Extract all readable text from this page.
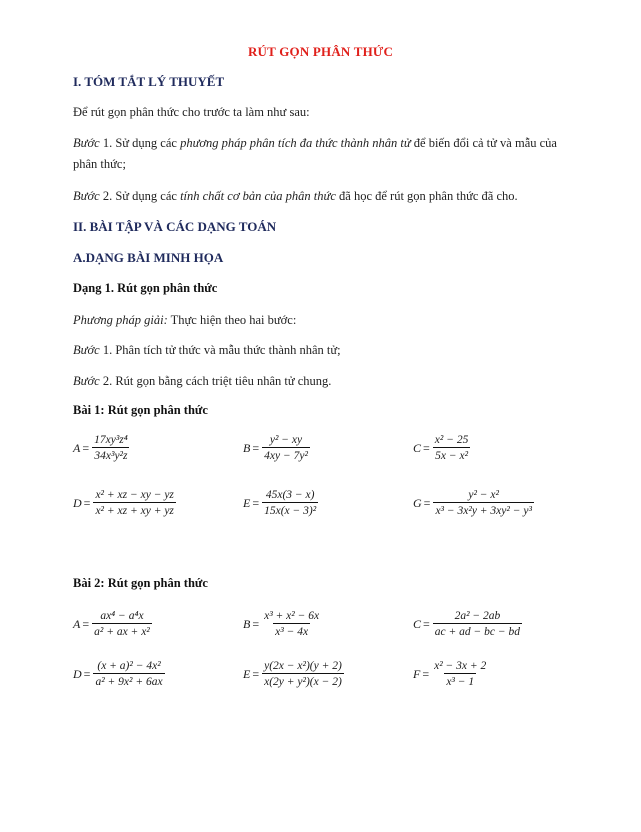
RÚT GỌN PHÂN THỨC
I. TÓM TẮT LÝ THUYẾT
Để rút gọn phân thức cho trước ta làm như sau:
Bước 1. Sử dụng các phương pháp phân tích đa thức thành nhân tử để biến đổi cả tử và mẫu của
phân thức;
Bước 2. Sử dụng các tính chất cơ bản của phân thức đã học để rút gọn phân thức đã cho.
II. BÀI TẬP VÀ CÁC DẠNG TOÁN
A.DẠNG BÀI MINH HỌA
Dạng 1. Rút gọn phân thức
Phương pháp giải: Thực hiện theo hai bước:
Bước 1. Phân tích tử thức và mẫu thức thành nhân tử;
Bước 2. Rút gọn bằng cách triệt tiêu nhân tử chung.
Bài 1: Rút gọn phân thức
$A = \frac{\text{17xy³z⁴}}{\text{34x³y²z}}$	$B = \frac{\text{y² − xy}}{\text{4xy − 7y²}}$	$C = \frac{\text{x² − 25}}{\text{5x − x²}}$
$D = \frac{\text{x² + xz − xy − yz}}{\text{x² + xz + xy + yz}}$	$E = \frac{45x(3 - x)}{\text{15x(x − 3)²}}$	$G = \frac{\text{y² − x²}}{\text{x³ − 3x²y + 3xy² − y³}}$
Bài 2: Rút gọn phân thức
$A = \frac{\text{ax⁴ − a⁴x}}{\text{a² + ax + x²}}$	$B = \frac{\text{x³ + x² − 6x}}{\text{x³ − 4x}}$	$C = \frac{\text{2a² − 2ab}}{ac + ad - bc - bd}$
$D = \frac{\text{(x + a)² − 4x²}}{\text{a² + 9x² + 6ax}}$	$E = \frac{\text{y(2x − x²)(y + 2)}}{\text{x(2y + y²)(x − 2)}}$	$F = \frac{\text{x² − 3x + 2}}{\text{x³ − 1}}$
